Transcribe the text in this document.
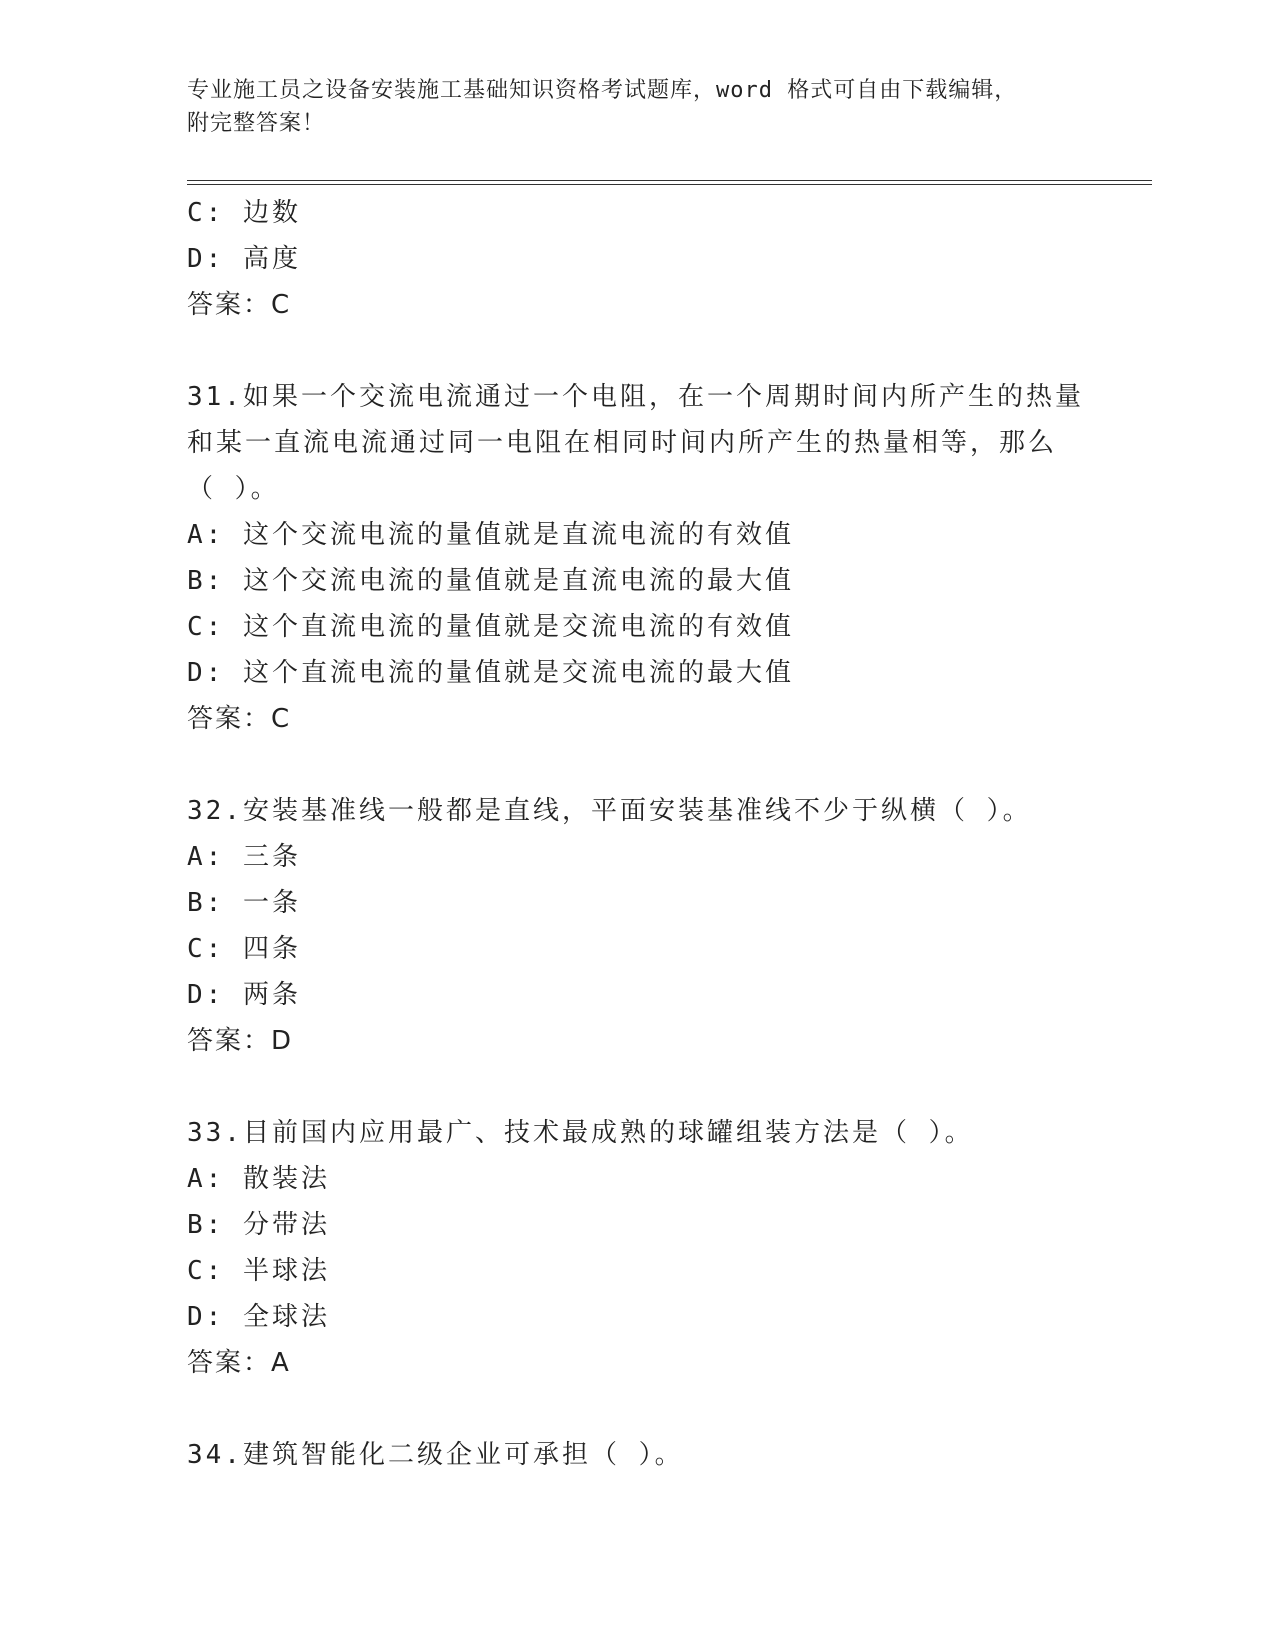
专业施工员之设备安装施工基础知识资格考试题库，word 格式可自由下载编辑，
附完整答案！
C: 边数
D: 高度
答案：C
31.如果一个交流电流通过一个电阻，在一个周期时间内所产生的热量
和某一直流电流通过同一电阻在相同时间内所产生的热量相等，那么
（ ）。
A: 这个交流电流的量值就是直流电流的有效值
B: 这个交流电流的量值就是直流电流的最大值
C: 这个直流电流的量值就是交流电流的有效值
D: 这个直流电流的量值就是交流电流的最大值
答案：C
32.安装基准线一般都是直线，平面安装基准线不少于纵横（ ）。
A: 三条
B: 一条
C: 四条
D: 两条
答案：D
33.目前国内应用最广、技术最成熟的球罐组装方法是（ ）。
A: 散装法
B: 分带法
C: 半球法
D: 全球法
答案：A
34.建筑智能化二级企业可承担（ ）。
